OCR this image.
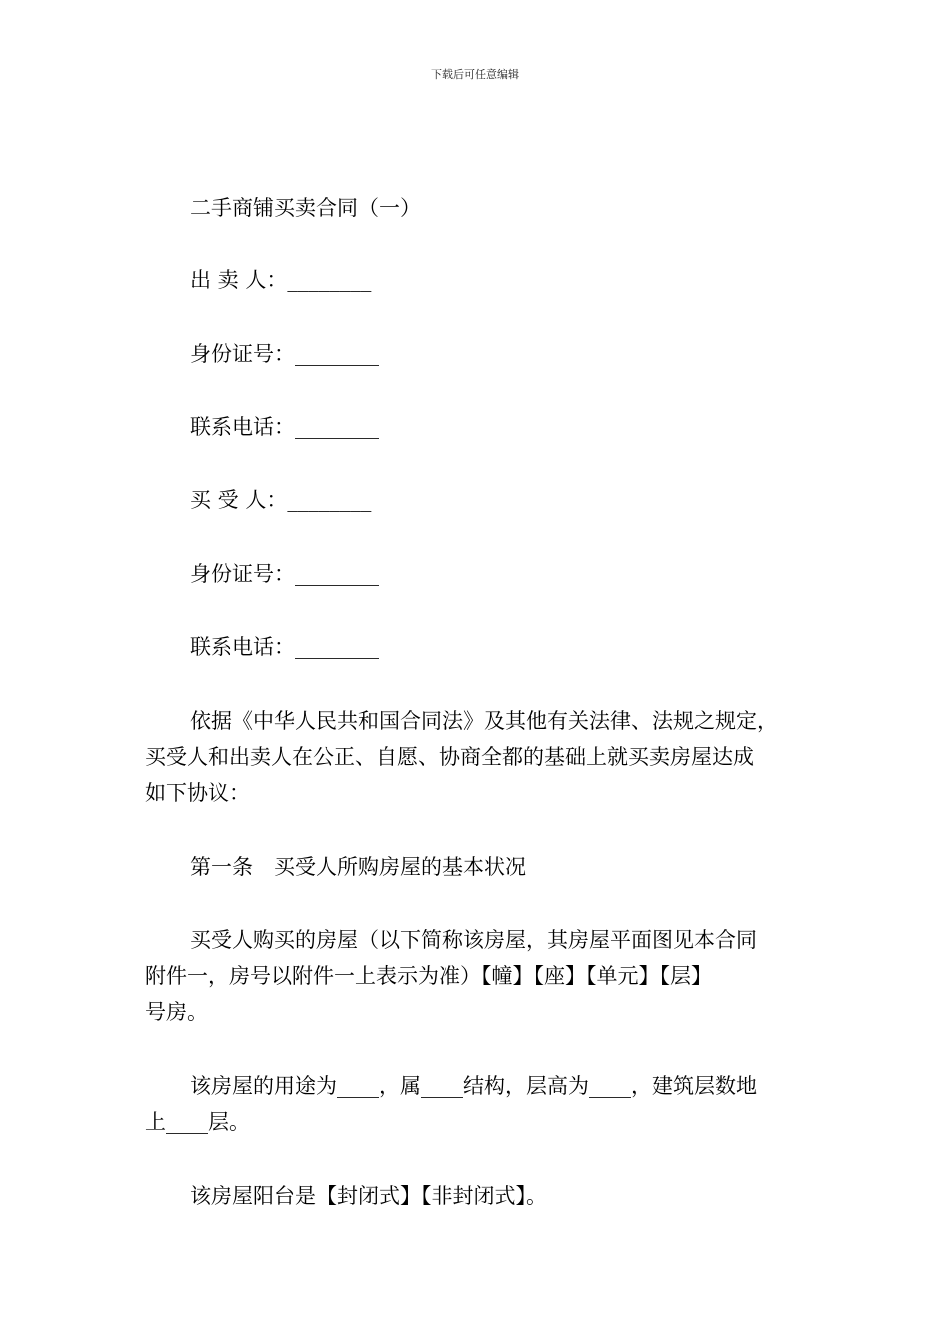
下载后可任意编辑
二手商铺买卖合同（一）
出 卖 人：________
身份证号：________
联系电话：________
买 受 人：________
身份证号：________
联系电话：________
依据《中华人民共和国合同法》及其他有关法律、法规之规定，
买受人和出卖人在公正、自愿、协商全都的基础上就买卖房屋达成
如下协议：
第一条　买受人所购房屋的基本状况
买受人购买的房屋（以下简称该房屋，其房屋平面图见本合同
附件一，房号以附件一上表示为准）【幢】【座】【单元】【层】
号房。
该房屋的用途为____，属____结构，层高为____，建筑层数地
上____层。
该房屋阳台是【封闭式】【非封闭式】。
